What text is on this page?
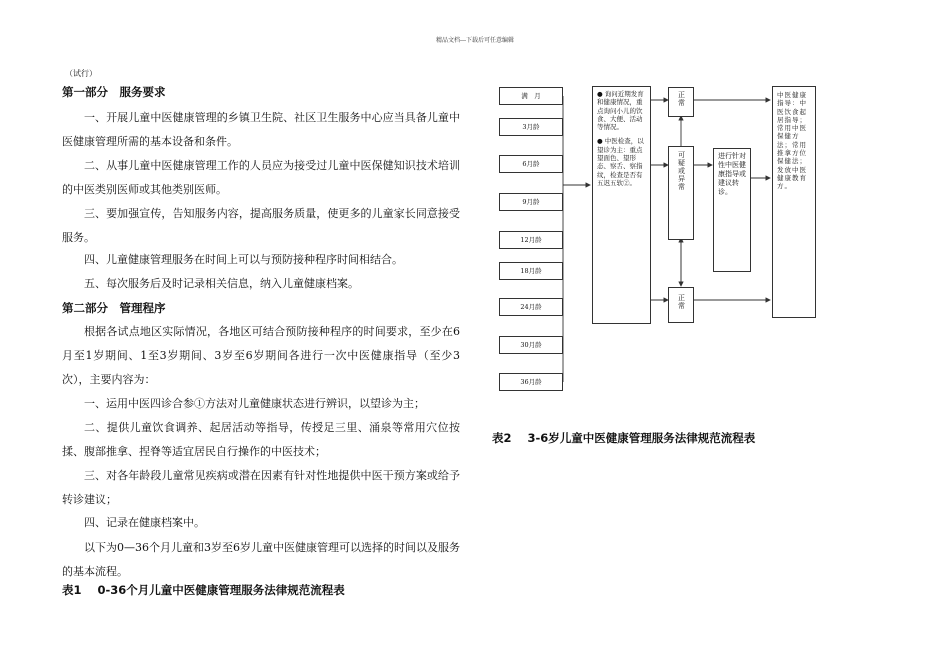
精品文档---下载后可任意编辑
（试行）
第一部分　服务要求

一、开展儿童中医健康管理的乡镇卫生院、社区卫生服务中心应当具备儿童中医健康管理所需的基本设备和条件。

二、从事儿童中医健康管理工作的人员应为接受过儿童中医保健知识技术培训的中医类别医师或其他类别医师。

三、要加强宣传，告知服务内容，提高服务质量，使更多的儿童家长同意接受服务。

四、儿童健康管理服务在时间上可以与预防接种程序时间相结合。

五、每次服务后及时记录相关信息，纳入儿童健康档案。

第二部分　管理程序

根据各试点地区实际情况，各地区可结合预防接种程序的时间要求，至少在6月至1岁期间、1至3岁期间、3岁至6岁期间各进行一次中医健康指导（至少3次），主要内容为：

一、运用中医四诊合参①方法对儿童健康状态进行辨识，以望诊为主；

二、提供儿童饮食调养、起居活动等指导，传授足三里、涌泉等常用穴位按揉、腹部推拿、捏脊等适宜居民自行操作的中医技术；

三、对各年龄段儿童常见疾病或潜在因素有针对性地提供中医干预方案或给予转诊建议；

四、记录在健康档案中。

以下为0—36个月儿童和3岁至6岁儿童中医健康管理可以选择的时间以及服务的基本流程。

表1 0-36个月儿童中医健康管理服务法律规范流程表
表2 3-6岁儿童中医健康管理服务法律规范流程表
满　月
3月龄
6月龄
9月龄
12月龄
18月龄
24月龄
30月龄
36月龄
● 询问近期发育和健康情况，重点询问小儿的饮食、大便、活动等情况。
● 中医检查，以望诊为主：重点望面色、望形态、察舌、察指纹，检查是否有五迟五软②。
正常
可疑或异常
正常
进行针对性中医健康指导或建议转诊。
中医健康指导：中医饮食起居指导；常用中医保健方法；常用推拿方位保健法；发放中医健康教育方。
